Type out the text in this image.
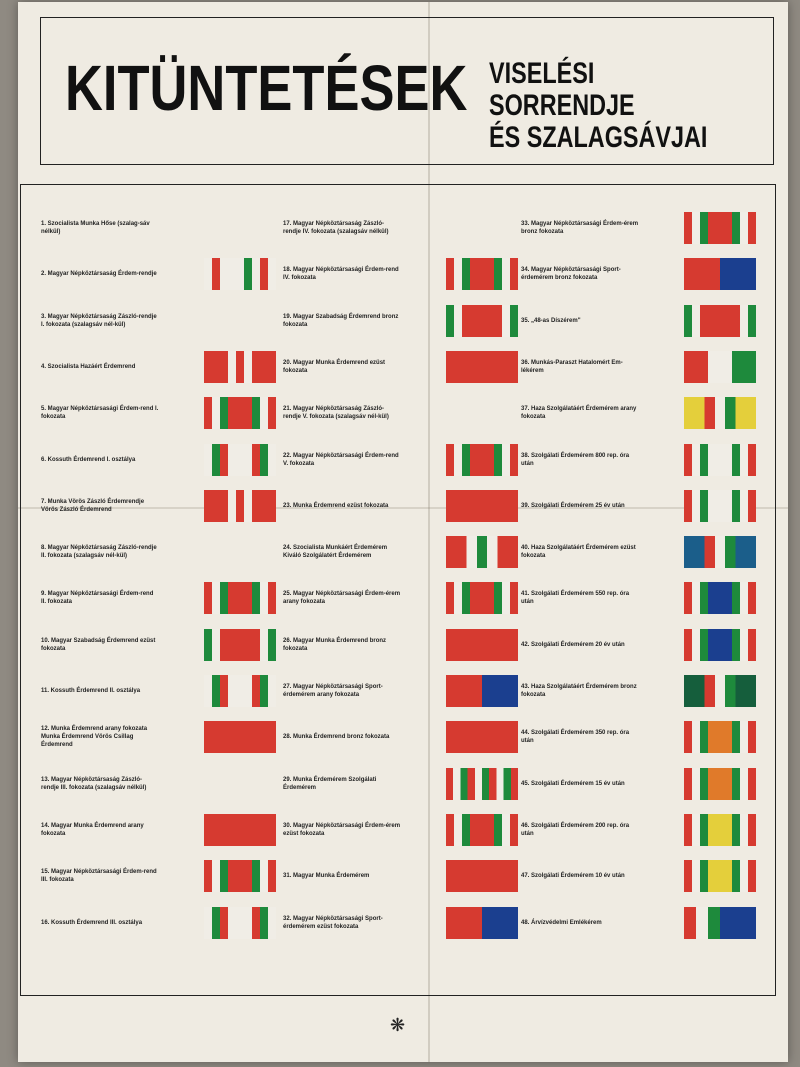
KITÜNTETÉSEK VISELÉSI SORRENDJE
ÉS SZALAGSÁVJAI
1. Szocialista Munka Hőse (szalag-sáv nélkül)
2. Magyar Népköztársaság Érdem-rendje
3. Magyar Népköztársaság Zászló-rendje I. fokozata (szalagsáv nél-kül)
4. Szocialista Hazáért Érdemrend
5. Magyar Népköztársasági Érdem-rend I. fokozata
6. Kossuth Érdemrend I. osztálya
7. Munka Vörös Zászló Érdemrendje Vörös Zászló Érdemrend
8. Magyar Népköztársaság Zászló-rendje II. fokozata (szalagsáv nél-kül)
9. Magyar Népköztársasági Érdem-rend II. fokozata
10. Magyar Szabadság Érdemrend ezüst fokozata
11. Kossuth Érdemrend II. osztálya
12. Munka Érdemrend arany fokozata Munka Érdemrend Vörös Csillag Érdemrend
13. Magyar Népköztársaság Zászló-rendje III. fokozata (szalagsáv nélkül)
14. Magyar Munka Érdemrend arany fokozata
15. Magyar Népköztársasági Érdem-rend III. fokozata
16. Kossuth Érdemrend III. osztálya
17. Magyar Népköztársaság Zászló-rendje IV. fokozata (szalagsáv nélkül)
18. Magyar Népköztársasági Érdem-rend IV. fokozata
19. Magyar Szabadság Érdemrend bronz fokozata
20. Magyar Munka Érdemrend ezüst fokozata
21. Magyar Népköztársaság Zászló-rendje V. fokozata (szalagsáv nél-kül)
22. Magyar Népköztársasági Érdem-rend V. fokozata
23. Munka Érdemrend ezüst fokozata
24. Szocialista Munkáért Érdemérem Kiváló Szolgálatért Érdemérem
25. Magyar Népköztársasági Érdem-érem arany fokozata
26. Magyar Munka Érdemrend bronz fokozata
27. Magyar Népköztársasági Sport-érdemérem arany fokozata
28. Munka Érdemrend bronz fokozata
29. Munka Érdemérem Szolgálati Érdemérem
30. Magyar Népköztársasági Érdem-érem ezüst fokozata
31. Magyar Munka Érdemérem
32. Magyar Népköztársasági Sport-érdemérem ezüst fokozata
33. Magyar Népköztársasági Érdem-érem bronz fokozata
34. Magyar Népköztársasági Sport-érdemérem bronz fokozata
35. „48-as Díszérem"
36. Munkás-Paraszt Hatalomért Em-lékérem
37. Haza Szolgálatáért Érdemérem arany fokozata
38. Szolgálati Érdemérem 800 rep. óra után
39. Szolgálati Érdemérem 25 év után
40. Haza Szolgálatáért Érdemérem ezüst fokozata
41. Szolgálati Érdemérem 550 rep. óra után
42. Szolgálati Érdemérem 20 év után
43. Haza Szolgálatáért Érdemérem bronz fokozata
44. Szolgálati Érdemérem 350 rep. óra után
45. Szolgálati Érdemérem 15 év után
46. Szolgálati Érdemérem 200 rep. óra után
47. Szolgálati Érdemérem 10 év után
48. Árvízvédelmi Emlékérem
❋
